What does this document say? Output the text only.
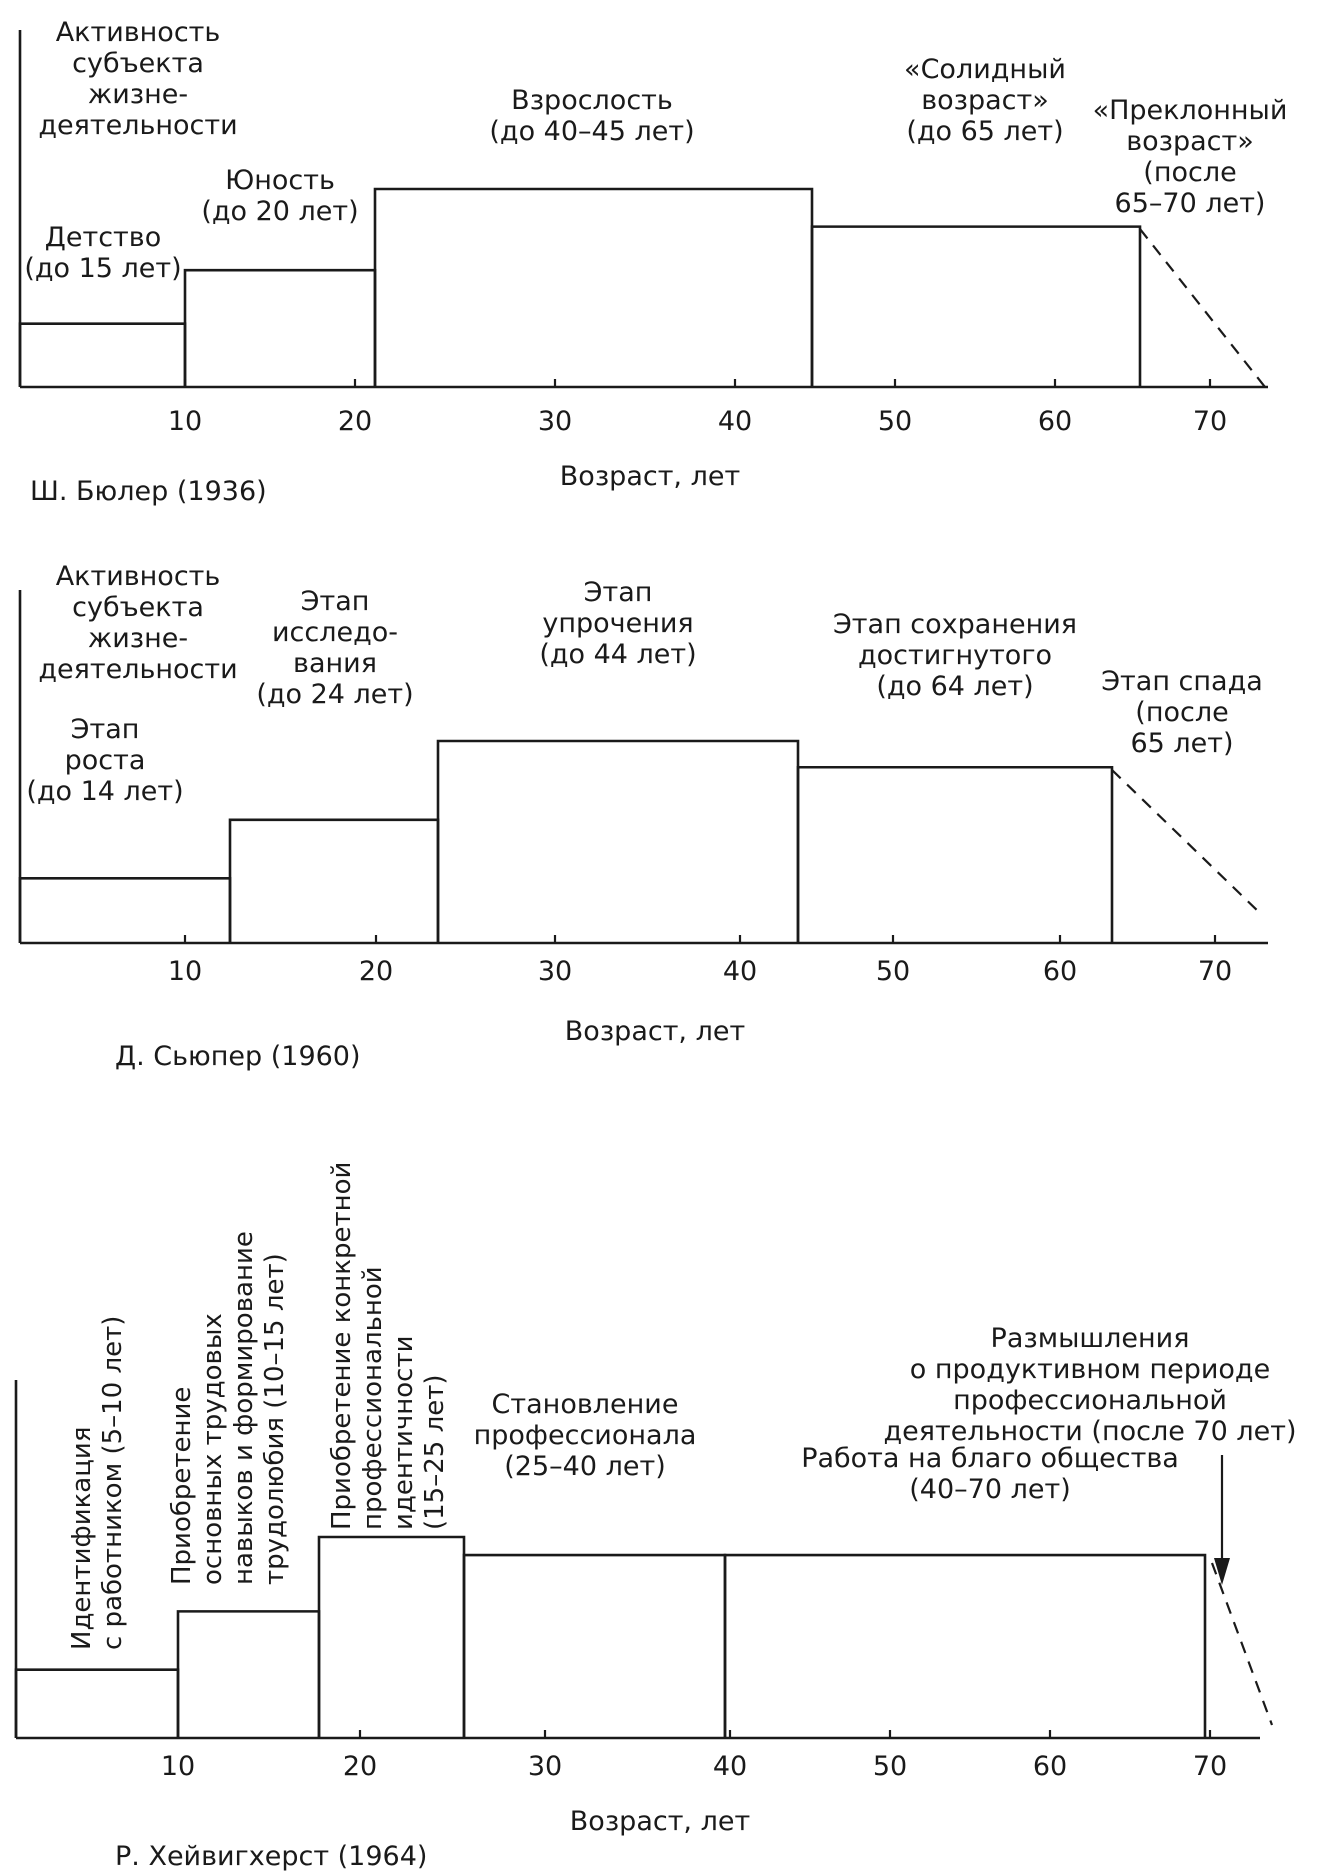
10	20	30	40	50	60	70
Возраст, лет
Ш. Бюлер (1936)
Активность
субъекта
жизне-
деятельности
Детство
(до 15 лет)
Юность
(до 20 лет)
Взрослость
(до 40–45 лет)
«Солидный
возраст»
(до 65 лет)
«Преклонный
возраст»
(после
65–70 лет)
10	20	30	40	50	60	70
Возраст, лет
Д. Сьюпер (1960)
Активность
субъекта
жизне-
деятельности
Этап
роста
(до 14 лет)
Этап
исследо-
вания
(до 24 лет)
Этап
упрочения
(до 44 лет)
Этап сохранения
достигнутого
(до 64 лет)	Этап спада
(после
65 лет)
10	20	30	40	50	60	70
Возраст, лет
Р. Хейвигхерст (1964)
Становление
профессионала
(25–40 лет)	Работа на благо общества
(40–70 лет)
Размышления
о продуктивном периоде
профессиональной
деятельности (после 70 лет)
Идентификация с работником (5–10 лет) Приобретение основных трудовых навыков и формирование трудолюбия (10–15 лет) Приобретение конкретной профессиональной идентичности (15–25 лет)
